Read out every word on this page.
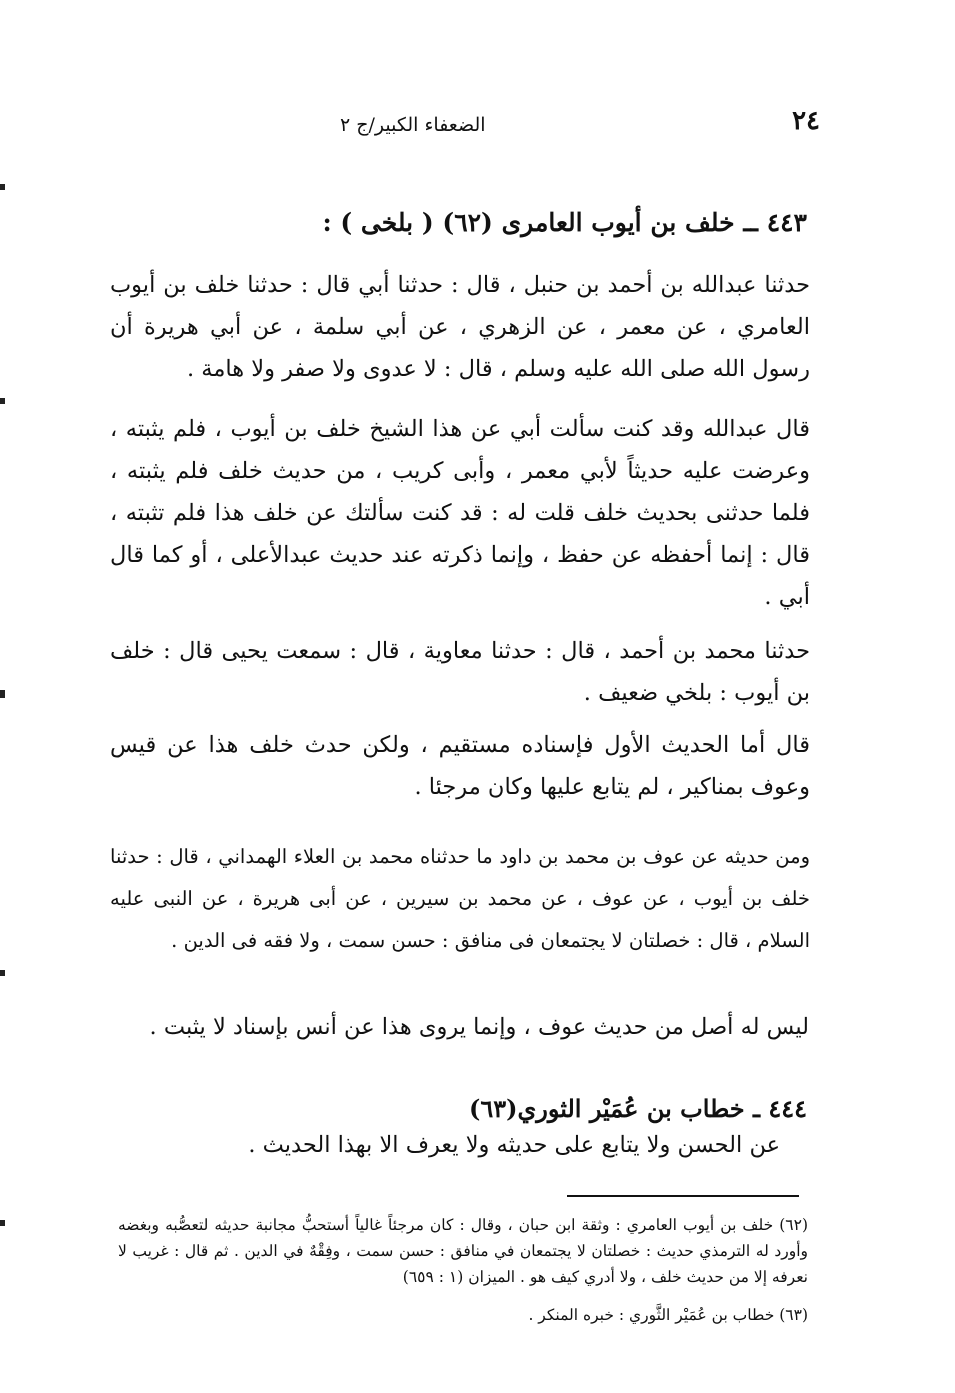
٢٤
الضعفاء الكبير/ج ٢
٤٤٣ ــ خلف بن أيوب العامرى (٦٢) ( بلخى ) :
حدثنا عبدالله بن أحمد بن حنبل ، قال : حدثنا أبي قال : حدثنا خلف بن أيوب العامري ، عن معمر ، عن الزهري ، عن أبي سلمة ، عن أبي هريرة أن رسول الله صلى الله عليه وسلم ، قال : لا عدوى ولا صفر ولا هامة .
قال عبدالله وقد كنت سألت أبي عن هذا الشيخ خلف بن أيوب ، فلم يثبته ، وعرضت عليه حديثاً لأبي معمر ، وأبى كريب ، من حديث خلف فلم يثبته ، فلما حدثنى بحديث خلف قلت له : قد كنت سألتك عن خلف هذا فلم تثبته ، قال : إنما أحفظه عن حفظ ، وإنما ذكرته عند حديث عبدالأعلى ، أو كما قال أبي .
حدثنا محمد بن أحمد ، قال : حدثنا معاوية ، قال : سمعت يحيى قال : خلف بن أيوب : بلخي ضعيف .
قال أما الحديث الأول فإسناده مستقيم ، ولكن حدث خلف هذا عن قيس وعوف بمناكير ، لم يتابع عليها وكان مرجئا .
ومن حديثه عن عوف بن محمد بن داود ما حدثناه محمد بن العلاء الهمداني ، قال : حدثنا خلف بن أيوب ، عن عوف ، عن محمد بن سيرين ، عن أبى هريرة ، عن النبى عليه السلام ، قال : خصلتان لا يجتمعان فى منافق : حسن سمت ، ولا فقه فى الدين .
ليس له أصل من حديث عوف ، وإنما يروى هذا عن أنس بإسناد لا يثبت .
٤٤٤ ـ خطاب بن عُمَيْر الثوري(٦٣)
عن الحسن ولا يتابع على حديثه ولا يعرف الا بهذا الحديث .
(٦٢) خلف بن أيوب العامري : وثقة ابن حبان ، وقال : كان مرجئاً غالياً أستحبُّ مجانبة حديثه لتعصُّبه وبغضه وأورد له الترمذي حديث : خصلتان لا يجتمعان في منافق : حسن سمت ، وفِقْهٌ في الدين . ثم قال : غريب لا نعرفه إلا من حديث خلف ، ولا أدري كيف هو . الميزان (١ : ٦٥٩)
(٦٣) خطاب بن عُمَيْر الثَّوري : خبره المنكر .
